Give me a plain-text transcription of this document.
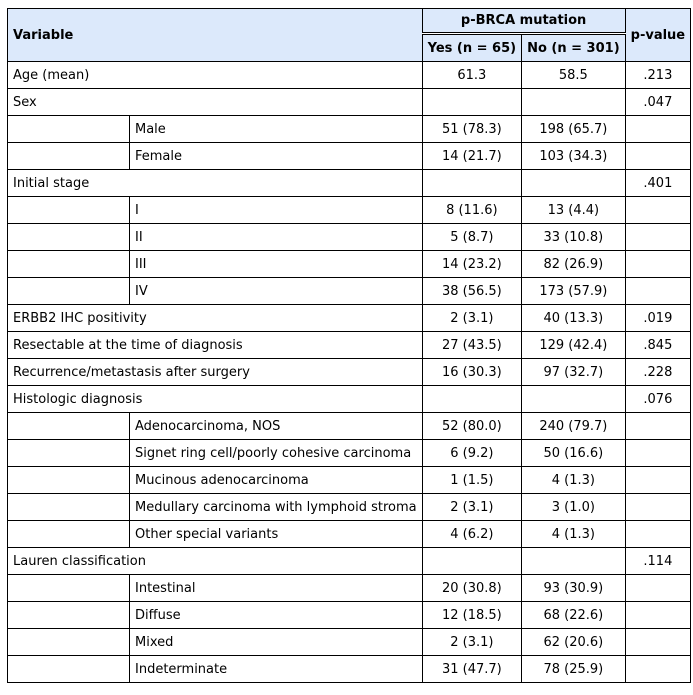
Variable		p-BRCA mutation		p-value
		Yes (n = 65)	No (n = 301)	
Age (mean)		61.3	58.5	.213
Sex				.047
	Male	51 (78.3)	198 (65.7)	
	Female	14 (21.7)	103 (34.3)	
Initial stage				.401
	I	8 (11.6)	13 (4.4)	
	II	5 (8.7)	33 (10.8)	
	III	14 (23.2)	82 (26.9)	
	IV	38 (56.5)	173 (57.9)	
ERBB2 IHC positivity		2 (3.1)	40 (13.3)	.019
Resectable at the time of diagnosis		27 (43.5)	129 (42.4)	.845
Recurrence/metastasis after surgery		16 (30.3)	97 (32.7)	.228
Histologic diagnosis				.076
	Adenocarcinoma, NOS	52 (80.0)	240 (79.7)	
	Signet ring cell/poorly cohesive carcinoma	6 (9.2)	50 (16.6)	
	Mucinous adenocarcinoma	1 (1.5)	4 (1.3)	
	Medullary carcinoma with lymphoid stroma	2 (3.1)	3 (1.0)	
	Other special variants	4 (6.2)	4 (1.3)	
Lauren classification				.114
	Intestinal	20 (30.8)	93 (30.9)	
	Diffuse	12 (18.5)	68 (22.6)	
	Mixed	2 (3.1)	62 (20.6)	
	Indeterminate	31 (47.7)	78 (25.9)	
